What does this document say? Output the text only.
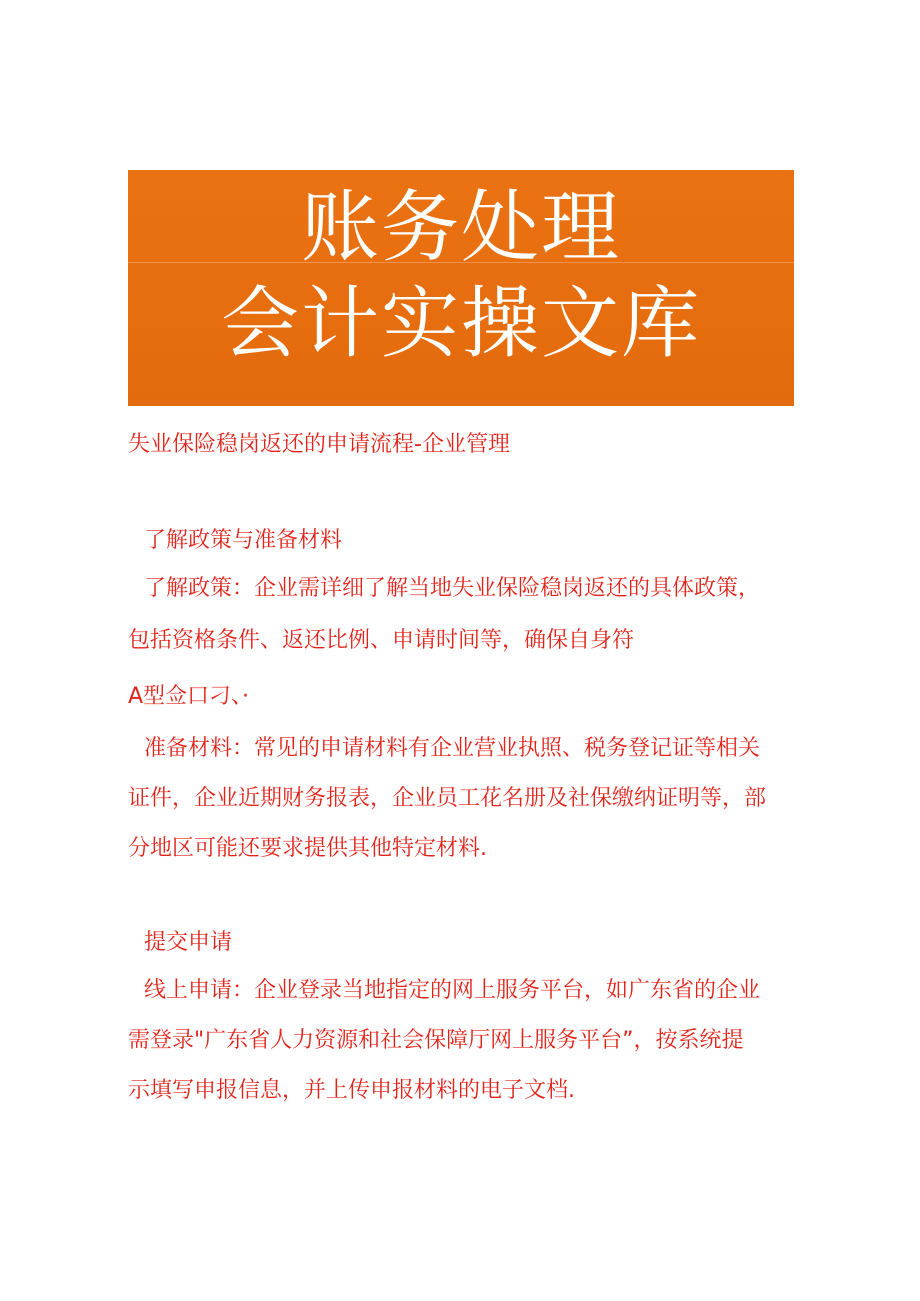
账务处理
会计实操文库
失业保险稳岗返还的申请流程-企业管理
了解政策与准备材料
了解政策：企业需详细了解当地失业保险稳岗返还的具体政策，
包括资格条件、返还比例、申请时间等，确保自身符
A型佥口刁、·
准备材料：常见的申请材料有企业营业执照、税务登记证等相关
证件，企业近期财务报表，企业员工花名册及社保缴纳证明等，部
分地区可能还要求提供其他特定材料.
提交申请
线上申请：企业登录当地指定的网上服务平台，如广东省的企业
需登录"广东省人力资源和社会保障厅网上服务平台”，按系统提
示填写申报信息，并上传申报材料的电子文档.
